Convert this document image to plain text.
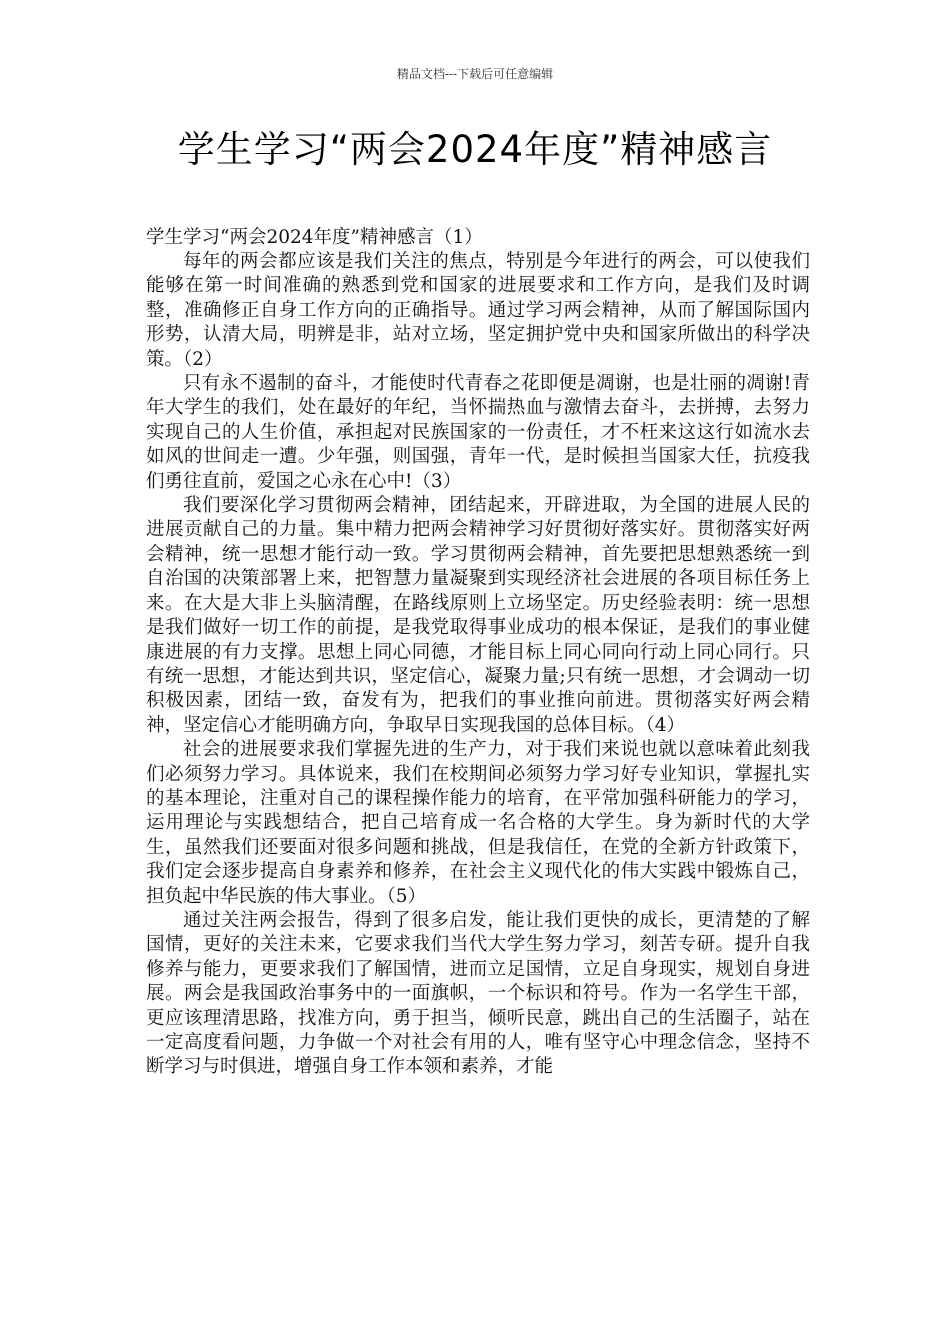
精品文档---下载后可任意编辑
学生学习“两会2024年度”精神感言

学生学习“两会2024年度”精神感言（1）

每年的两会都应该是我们关注的焦点，特别是今年进行的两会，可以使我们能够在第一时间准确的熟悉到党和国家的进展要求和工作方向，是我们及时调整，准确修正自身工作方向的正确指导。通过学习两会精神，从而了解国际国内形势，认清大局，明辨是非，站对立场，坚定拥护党中央和国家所做出的科学决策。（2）

只有永不遏制的奋斗，才能使时代青春之花即便是凋谢，也是壮丽的凋谢!青年大学生的我们，处在最好的年纪，当怀揣热血与激情去奋斗，去拼搏，去努力实现自己的人生价值，承担起对民族国家的一份责任，才不枉来这这行如流水去如风的世间走一遭。少年强，则国强，青年一代，是时候担当国家大任，抗疫我们勇往直前，爱国之心永在心中!（3）

我们要深化学习贯彻两会精神，团结起来，开辟进取，为全国的进展人民的进展贡献自己的力量。集中精力把两会精神学习好贯彻好落实好。贯彻落实好两会精神，统一思想才能行动一致。学习贯彻两会精神，首先要把思想熟悉统一到自治国的决策部署上来，把智慧力量凝聚到实现经济社会进展的各项目标任务上来。在大是大非上头脑清醒，在路线原则上立场坚定。历史经验表明：统一思想是我们做好一切工作的前提，是我党取得事业成功的根本保证，是我们的事业健康进展的有力支撑。思想上同心同德，才能目标上同心同向行动上同心同行。只有统一思想，才能达到共识，坚定信心，凝聚力量;只有统一思想，才会调动一切积极因素，团结一致，奋发有为，把我们的事业推向前进。贯彻落实好两会精神，坚定信心才能明确方向，争取早日实现我国的总体目标。（4）

社会的进展要求我们掌握先进的生产力，对于我们来说也就以意味着此刻我们必须努力学习。具体说来，我们在校期间必须努力学习好专业知识，掌握扎实的基本理论，注重对自己的课程操作能力的培育，在平常加强科研能力的学习，运用理论与实践想结合，把自己培育成一名合格的大学生。身为新时代的大学生，虽然我们还要面对很多问题和挑战，但是我信任，在党的全新方针政策下，我们定会逐步提高自身素养和修养，在社会主义现代化的伟大实践中锻炼自己，担负起中华民族的伟大事业。（5）

通过关注两会报告，得到了很多启发，能让我们更快的成长，更清楚的了解国情，更好的关注未来，它要求我们当代大学生努力学习，刻苦专研。提升自我修养与能力，更要求我们了解国情，进而立足国情，立足自身现实，规划自身进展。两会是我国政治事务中的一面旗帜，一个标识和符号。作为一名学生干部，更应该理清思路，找准方向，勇于担当，倾听民意，跳出自己的生活圈子，站在一定高度看问题，力争做一个对社会有用的人，唯有坚守心中理念信念，坚持不断学习与时俱进，增强自身工作本领和素养，才能
